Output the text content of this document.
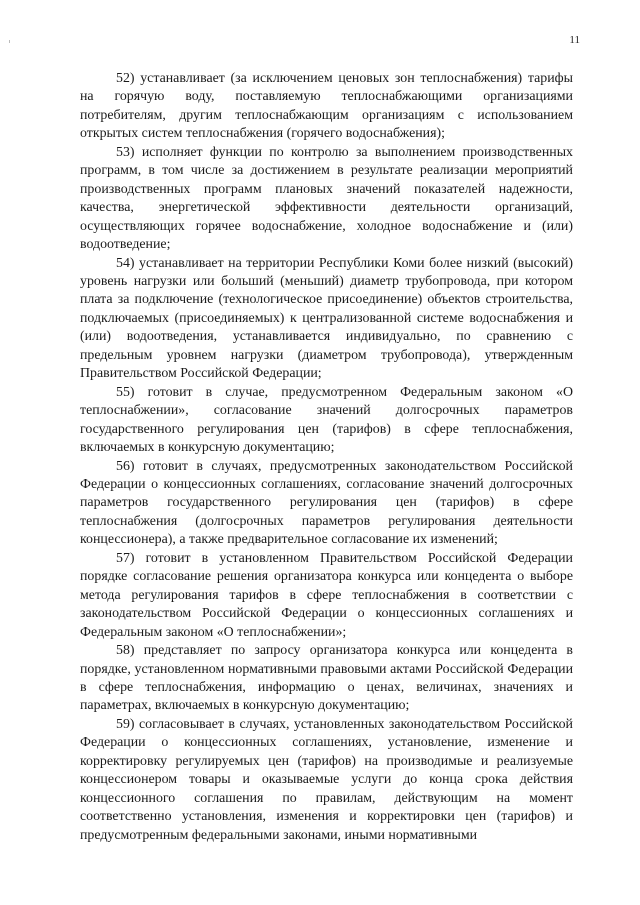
11

52) устанавливает (за исключением ценовых зон теплоснабжения) тарифы на горячую воду, поставляемую теплоснабжающими организациями потребителям, другим теплоснабжающим организациям с использованием открытых систем теплоснабжения (горячего водоснабжения);

53) исполняет функции по контролю за выполнением производственных программ, в том числе за достижением в результате реализации мероприятий производственных программ плановых значений показателей надежности, качества, энергетической эффективности деятельности организаций, осуществляющих горячее водоснабжение, холодное водоснабжение и (или) водоотведение;

54) устанавливает на территории Республики Коми более низкий (высокий) уровень нагрузки или больший (меньший) диаметр трубопровода, при котором плата за подключение (технологическое присоединение) объектов строительства, подключаемых (присоединяемых) к централизованной системе водоснабжения и (или) водоотведения, устанавливается индивидуально, по сравнению с предельным уровнем нагрузки (диаметром трубопровода), утвержденным Правительством Российской Федерации;

55) готовит в случае, предусмотренном Федеральным законом «О теплоснабжении», согласование значений долгосрочных параметров государственного регулирования цен (тарифов) в сфере теплоснабжения, включаемых в конкурсную документацию;

56) готовит в случаях, предусмотренных законодательством Российской Федерации о концессионных соглашениях, согласование значений долгосрочных параметров государственного регулирования цен (тарифов) в сфере теплоснабжения (долгосрочных параметров регулирования деятельности концессионера), а также предварительное согласование их изменений;

57) готовит в установленном Правительством Российской Федерации порядке согласование решения организатора конкурса или концедента о выборе метода регулирования тарифов в сфере теплоснабжения в соответствии с законодательством Российской Федерации о концессионных соглашениях и Федеральным законом «О теплоснабжении»;

58) представляет по запросу организатора конкурса или концедента в порядке, установленном нормативными правовыми актами Российской Федерации в сфере теплоснабжения, информацию о ценах, величинах, значениях и параметрах, включаемых в конкурсную документацию;

59) согласовывает в случаях, установленных законодательством Российской Федерации о концессионных соглашениях, установление, изменение и корректировку регулируемых цен (тарифов) на производимые и реализуемые концессионером товары и оказываемые услуги до конца срока действия концессионного соглашения по правилам, действующим на момент соответственно установления, изменения и корректировки цен (тарифов) и предусмотренным федеральными законами, иными нормативными
